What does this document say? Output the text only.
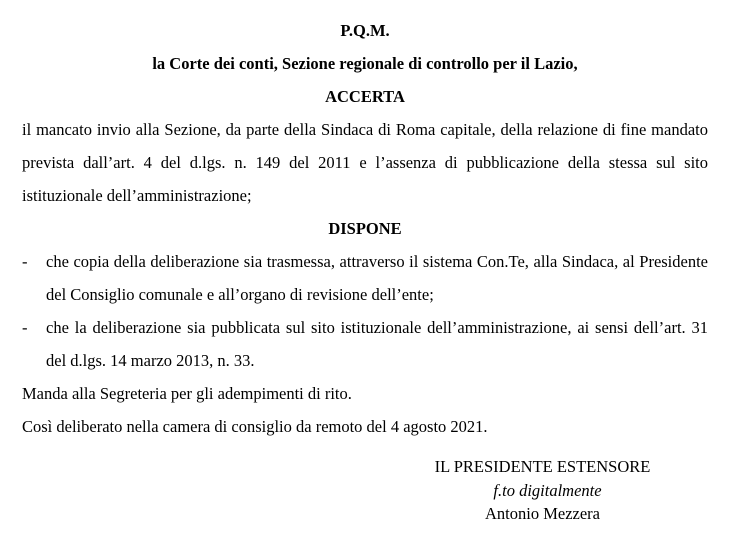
P.Q.M.
la Corte dei conti, Sezione regionale di controllo per il Lazio,
ACCERTA
il mancato invio alla Sezione, da parte della Sindaca di Roma capitale, della relazione di fine mandato prevista dall’art. 4 del d.lgs. n. 149 del 2011 e l’assenza di pubblicazione della stessa sul sito istituzionale dell’amministrazione;
DISPONE
- che copia della deliberazione sia trasmessa, attraverso il sistema Con.Te, alla Sindaca, al Presidente del Consiglio comunale e all’organo di revisione dell’ente;
- che la deliberazione sia pubblicata sul sito istituzionale dell’amministrazione, ai sensi dell’art. 31 del d.lgs. 14 marzo 2013, n. 33.
Manda alla Segreteria per gli adempimenti di rito.
Così deliberato nella camera di consiglio da remoto del 4 agosto 2021.
IL PRESIDENTE ESTENSORE
f.to digitalmente
Antonio Mezzera
